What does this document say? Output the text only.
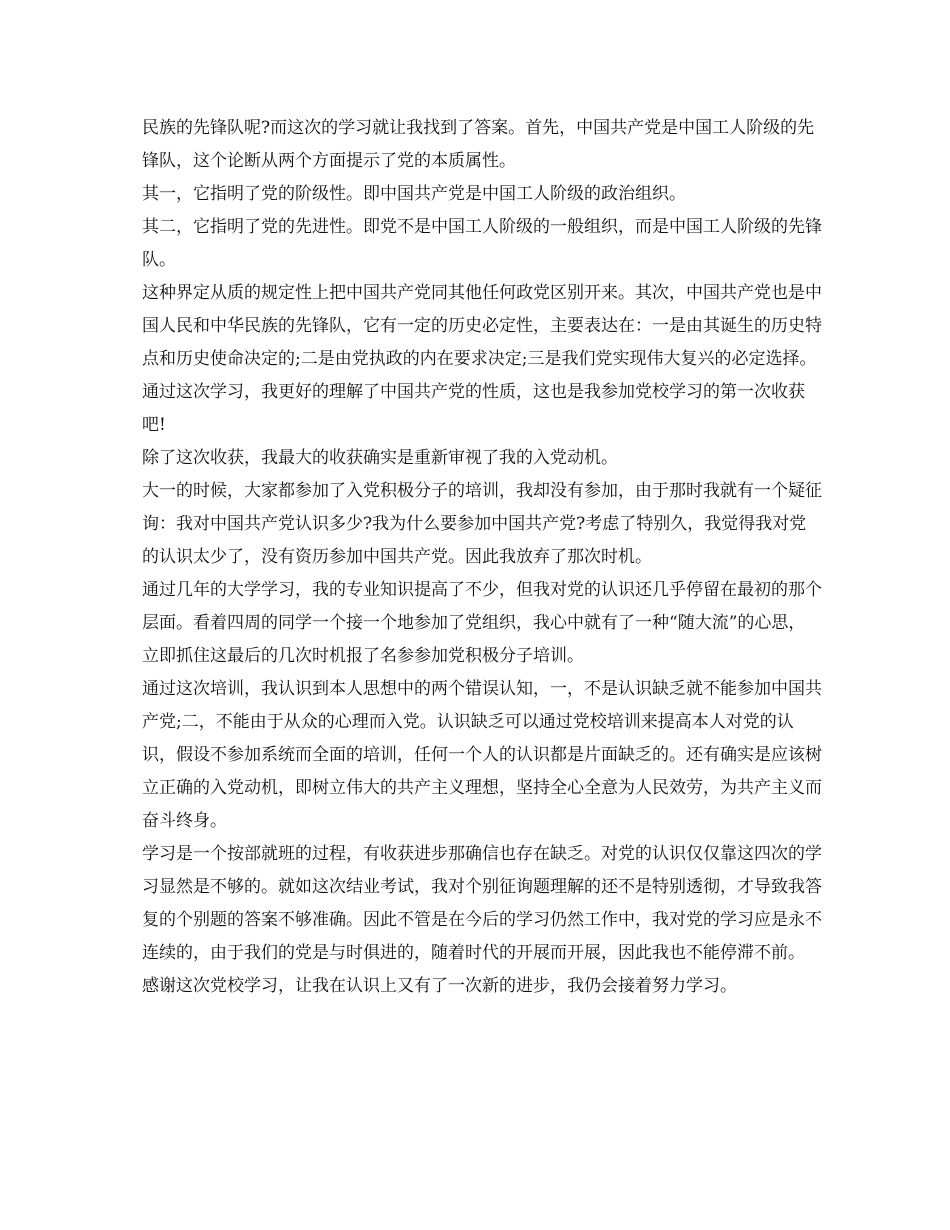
民族的先锋队呢?而这次的学习就让我找到了答案。首先，中国共产党是中国工人阶级的先锋队，这个论断从两个方面提示了党的本质属性。

其一，它指明了党的阶级性。即中国共产党是中国工人阶级的政治组织。

其二，它指明了党的先进性。即党不是中国工人阶级的一般组织，而是中国工人阶级的先锋队。

这种界定从质的规定性上把中国共产党同其他任何政党区别开来。其次，中国共产党也是中国人民和中华民族的先锋队，它有一定的历史必定性，主要表达在：一是由其诞生的历史特点和历史使命决定的;二是由党执政的内在要求决定;三是我们党实现伟大复兴的必定选择。通过这次学习，我更好的理解了中国共产党的性质，这也是我参加党校学习的第一次收获吧!

除了这次收获，我最大的收获确实是重新审视了我的入党动机。

大一的时候，大家都参加了入党积极分子的培训，我却没有参加，由于那时我就有一个疑征询：我对中国共产党认识多少?我为什么要参加中国共产党?考虑了特别久，我觉得我对党的认识太少了，没有资历参加中国共产党。因此我放弃了那次时机。

通过几年的大学学习，我的专业知识提高了不少，但我对党的认识还几乎停留在最初的那个层面。看着四周的同学一个接一个地参加了党组织，我心中就有了一种“随大流”的心思，立即抓住这最后的几次时机报了名参参加党积极分子培训。

通过这次培训，我认识到本人思想中的两个错误认知，一，不是认识缺乏就不能参加中国共产党;二，不能由于从众的心理而入党。认识缺乏可以通过党校培训来提高本人对党的认识，假设不参加系统而全面的培训，任何一个人的认识都是片面缺乏的。还有确实是应该树立正确的入党动机，即树立伟大的共产主义理想，坚持全心全意为人民效劳，为共产主义而奋斗终身。

学习是一个按部就班的过程，有收获进步那确信也存在缺乏。对党的认识仅仅靠这四次的学习显然是不够的。就如这次结业考试，我对个别征询题理解的还不是特别透彻，才导致我答复的个别题的答案不够准确。因此不管是在今后的学习仍然工作中，我对党的学习应是永不连续的，由于我们的党是与时俱进的，随着时代的开展而开展，因此我也不能停滞不前。

感谢这次党校学习，让我在认识上又有了一次新的进步，我仍会接着努力学习。
